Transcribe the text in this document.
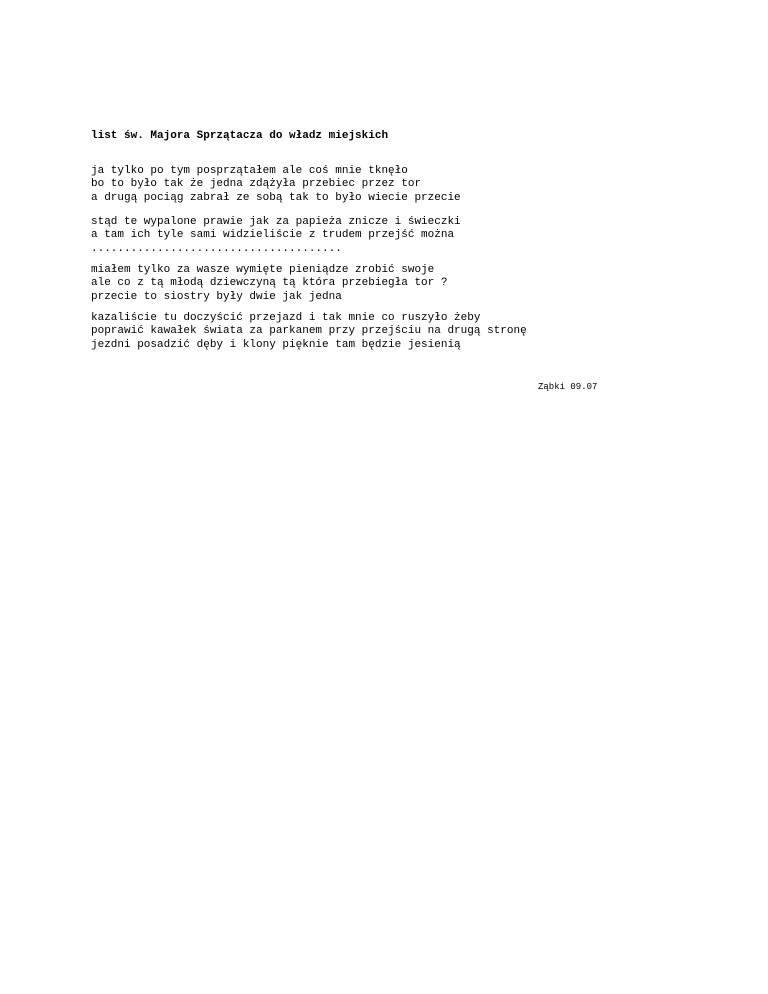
list św. Majora Sprzątacza do władz miejskich
ja tylko po tym posprzątałem ale coś mnie tknęło
bo to było tak że jedna zdążyła przebiec przez tor
a drugą pociąg zabrał ze sobą tak to było wiecie przecie
stąd te wypalone prawie jak za papieża znicze i świeczki
a tam ich tyle sami widzieliście z trudem przejść można
......................................
miałem tylko za wasze wymięte pieniądze zrobić swoje
ale co z tą młodą dziewczyną tą która przebiegła tor ?
przecie to siostry były dwie jak jedna
kazaliście tu doczyścić przejazd i tak mnie co ruszyło żeby
poprawić kawałek świata za parkanem przy przejściu na drugą stronę
jezdni posadzić dęby i klony pięknie tam będzie jesienią
Ząbki 09.07
